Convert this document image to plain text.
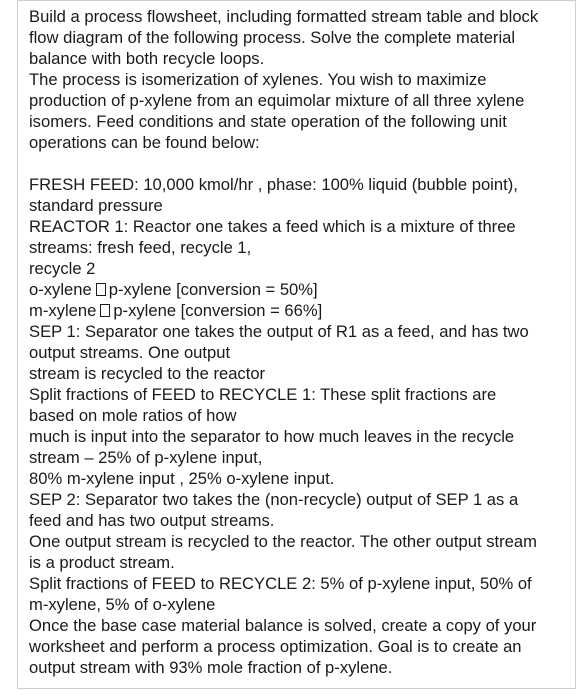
Build a process flowsheet, including formatted stream table and block
flow diagram of the following process. Solve the complete material
balance with both recycle loops.
The process is isomerization of xylenes. You wish to maximize
production of p-xylene from an equimolar mixture of all three xylene
isomers. Feed conditions and state operation of the following unit
operations can be found below:
FRESH FEED: 10,000 kmol/hr , phase: 100% liquid (bubble point),
standard pressure
REACTOR 1: Reactor one takes a feed which is a mixture of three
streams: fresh feed, recycle 1,
recycle 2
o-xylene p-xylene [conversion = 50%]
m-xylene p-xylene [conversion = 66%]
SEP 1: Separator one takes the output of R1 as a feed, and has two
output streams. One output
stream is recycled to the reactor
Split fractions of FEED to RECYCLE 1: These split fractions are
based on mole ratios of how
much is input into the separator to how much leaves in the recycle
stream – 25% of p-xylene input,
80% m-xylene input , 25% o-xylene input.
SEP 2: Separator two takes the (non-recycle) output of SEP 1 as a
feed and has two output streams.
One output stream is recycled to the reactor. The other output stream
is a product stream.
Split fractions of FEED to RECYCLE 2: 5% of p-xylene input, 50% of
m-xylene, 5% of o-xylene
Once the base case material balance is solved, create a copy of your
worksheet and perform a process optimization. Goal is to create an
output stream with 93% mole fraction of p-xylene.
